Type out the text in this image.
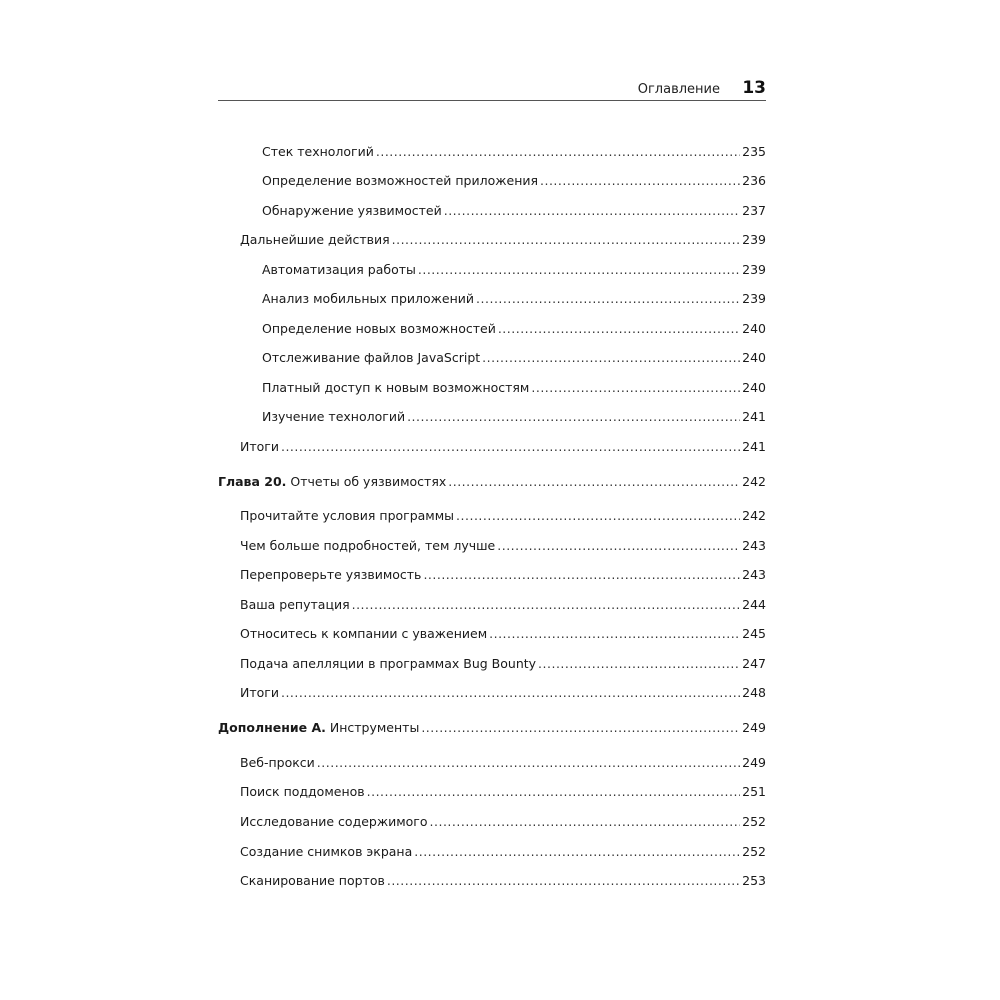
Оглавление 13
Стек технологий .....	235
Определение возможностей приложения .....	236
Обнаружение уязвимостей .....	237
Дальнейшие действия .....	239
Автоматизация работы .....	239
Анализ мобильных приложений .....	239
Определение новых возможностей .....	240
Отслеживание файлов JavaScript .....	240
Платный доступ к новым возможностям .....	240
Изучение технологий .....	241
Итоги .....	241
Глава 20. Отчеты об уязвимостях .....	242
Прочитайте условия программы .....	242
Чем больше подробностей, тем лучше .....	243
Перепроверьте уязвимость .....	243
Ваша репутация .....	244
Относитесь к компании с уважением .....	245
Подача апелляции в программах Bug Bounty .....	247
Итоги .....	248
Дополнение А. Инструменты .....	249
Веб-прокси .....	249
Поиск поддоменов .....	251
Исследование содержимого .....	252
Создание снимков экрана .....	252
Сканирование портов .....	253
